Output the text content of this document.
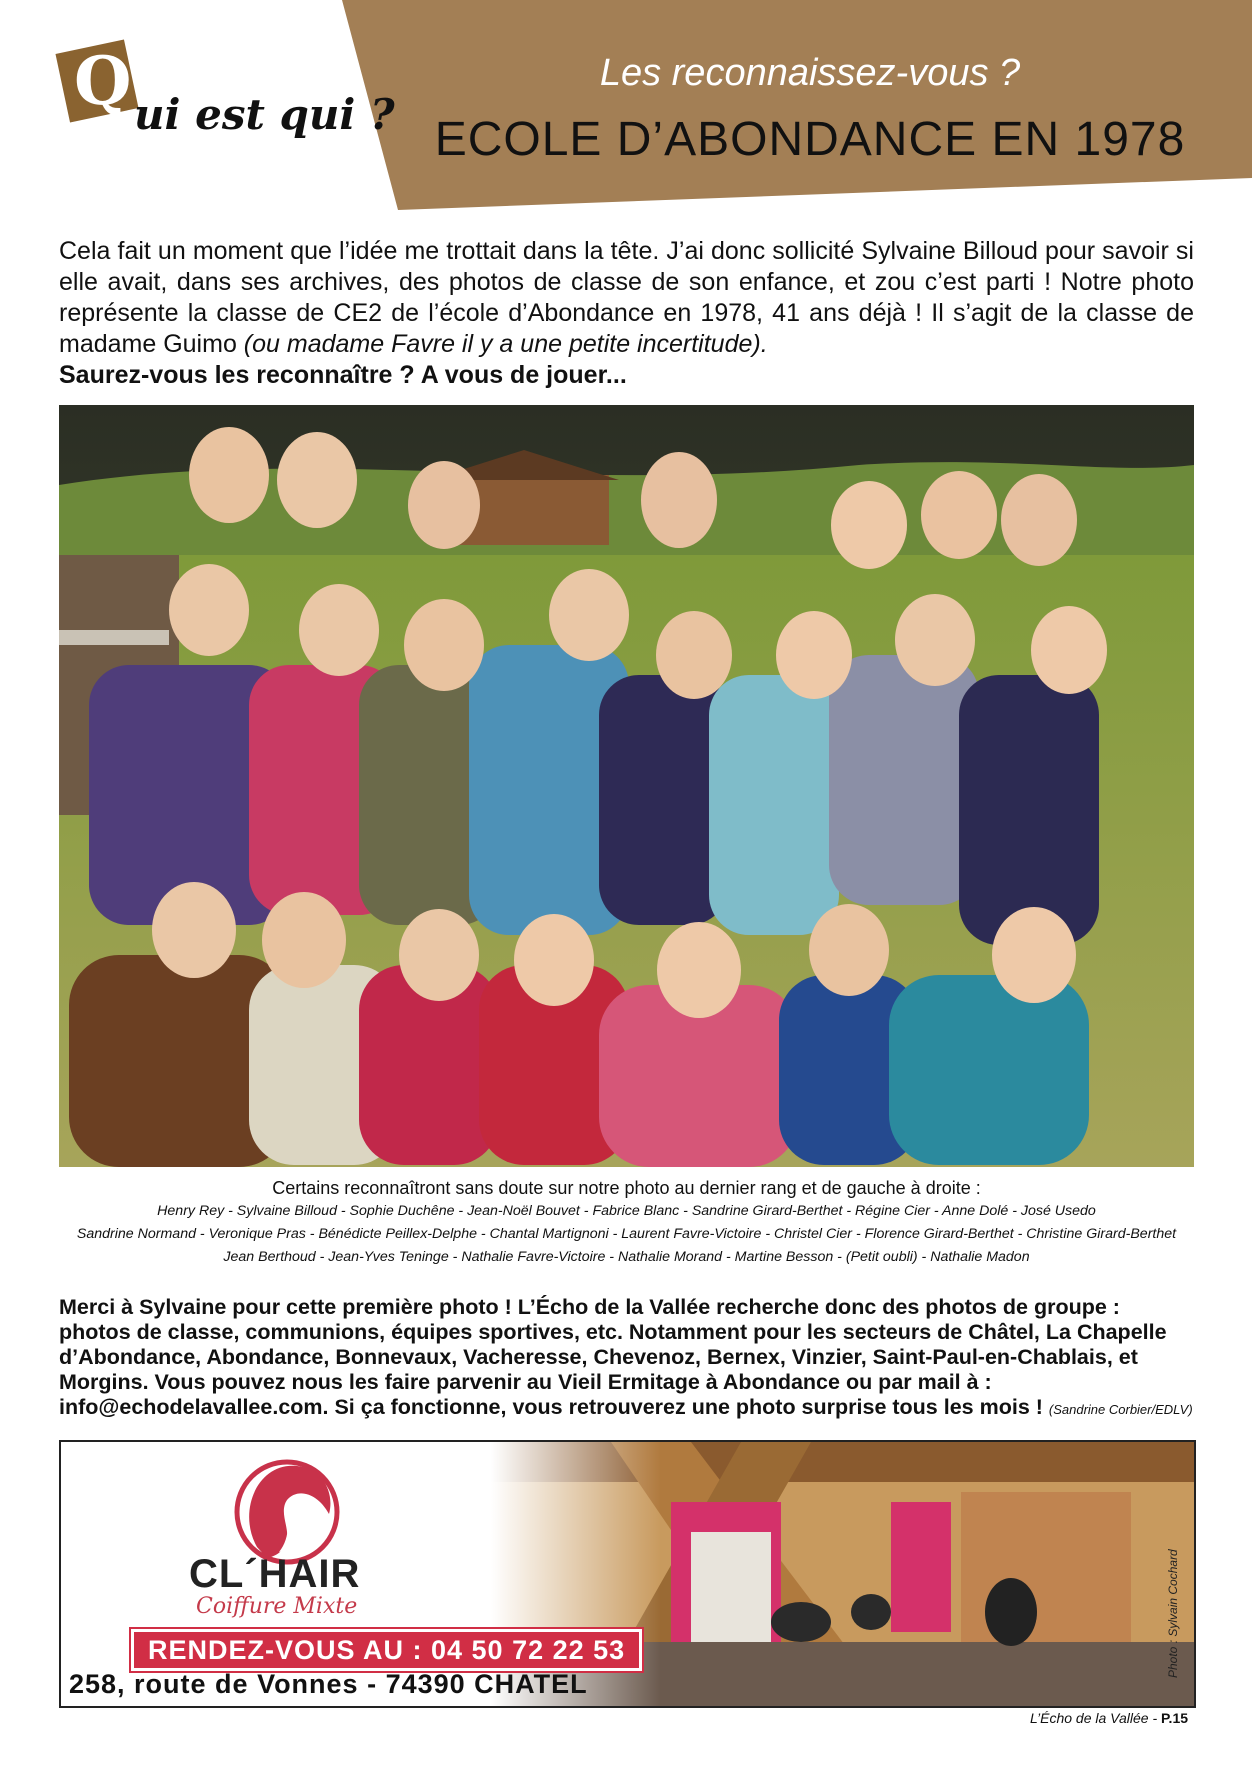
Q ui est qui ?
Les reconnaissez-vous ?
ECOLE D’ABONDANCE EN 1978
Cela fait un moment que l’idée me trottait dans la tête. J’ai donc sollicité Sylvaine Billoud pour savoir si elle avait, dans ses archives, des photos de classe de son enfance, et zou c’est parti ! Notre photo représente la classe de CE2 de l’école d’Abondance en 1978, 41 ans déjà ! Il s’agit de la classe de madame Guimo (ou madame Favre il y a une petite incertitude).
Saurez-vous les reconnaître ? A vous de jouer...
Certains reconnaîtront sans doute sur notre photo au dernier rang et de gauche à droite :
Henry Rey - Sylvaine Billoud - Sophie Duchêne - Jean-Noël Bouvet - Fabrice Blanc - Sandrine Girard-Berthet - Régine Cier - Anne Dolé - José Usedo
Sandrine Normand - Veronique Pras - Bénédicte Peillex-Delphe - Chantal Martignoni - Laurent Favre-Victoire - Christel Cier - Florence Girard-Berthet - Christine Girard-Berthet
Jean Berthoud - Jean-Yves Teninge - Nathalie Favre-Victoire - Nathalie Morand - Martine Besson - (Petit oubli) - Nathalie Madon
Merci à Sylvaine pour cette première photo ! L’Écho de la Vallée recherche donc des photos de groupe : photos de classe, communions, équipes sportives, etc. Notamment pour les secteurs de Châtel, La Chapelle d’Abondance, Abondance, Bonnevaux, Vacheresse, Chevenoz, Bernex, Vinzier, Saint-Paul-en-Chablais, et Morgins. Vous pouvez nous les faire parvenir au Vieil Ermitage à Abondance ou par mail à : info@echodelavallee.com. Si ça fonctionne, vous retrouverez une photo surprise tous les mois ! (Sandrine Corbier/EDLV)
CL´HAIR
Coiffure Mixte
RENDEZ-VOUS AU : 04 50 72 22 53
258, route de Vonnes - 74390 CHATEL
Photo : Sylvain Cochard
L’Écho de la Vallée - P.15
